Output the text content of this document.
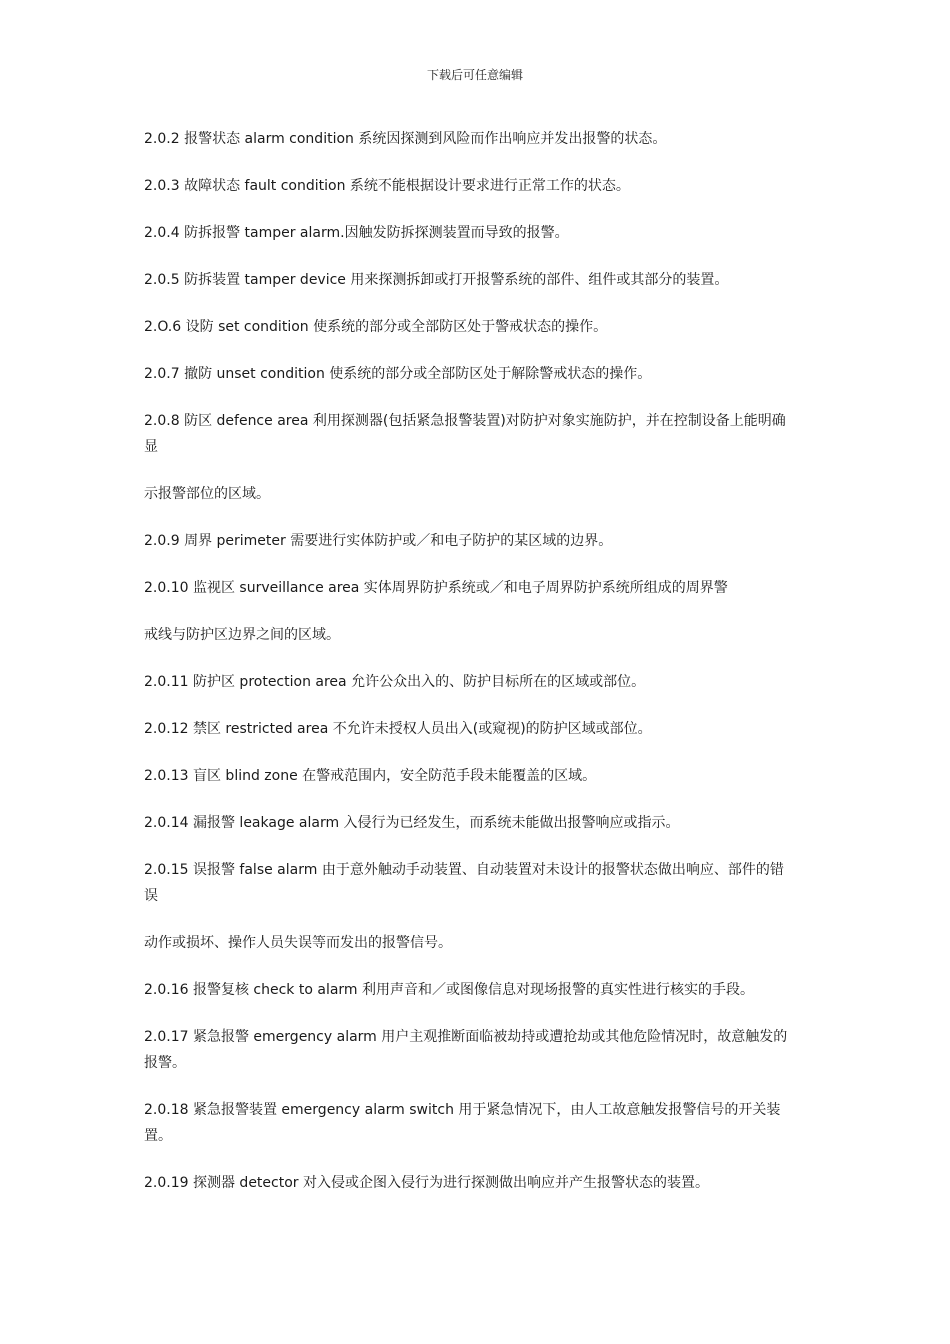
下载后可任意编辑

2.0.2 报警状态 alarm condition 系统因探测到风险而作出响应并发出报警的状态。

2.0.3 故障状态 fault condition 系统不能根据设计要求进行正常工作的状态。

2.0.4 防拆报警 tamper alarm.因触发防拆探测装置而导致的报警。

2.0.5 防拆装置 tamper device 用来探测拆卸或打开报警系统的部件、组件或其部分的装置。

2.O.6 设防 set condition 使系统的部分或全部防区处于警戒状态的操作。

2.0.7 撤防 unset condition 使系统的部分或全部防区处于解除警戒状态的操作。

2.0.8 防区 defence area 利用探测器(包括紧急报警装置)对防护对象实施防护，并在控制设备上能明确
显

示报警部位的区域。

2.0.9 周界 perimeter 需要进行实体防护或／和电子防护的某区域的边界。

2.0.10 监视区 surveillance area 实体周界防护系统或／和电子周界防护系统所组成的周界警

戒线与防护区边界之间的区域。

2.0.11 防护区 protection area 允许公众出入的、防护目标所在的区域或部位。

2.0.12 禁区 restricted area 不允许未授权人员出入(或窥视)的防护区域或部位。

2.0.13 盲区 blind zone 在警戒范围内，安全防范手段未能覆盖的区域。

2.0.14 漏报警 leakage alarm 入侵行为已经发生，而系统未能做出报警响应或指示。

2.0.15 误报警 false alarm 由于意外触动手动装置、自动装置对未设计的报警状态做出响应、部件的错
误

动作或损坏、操作人员失误等而发出的报警信号。

2.0.16 报警复核 check to alarm 利用声音和／或图像信息对现场报警的真实性进行核实的手段。

2.0.17 紧急报警 emergency alarm 用户主观推断面临被劫持或遭抢劫或其他危险情况时，故意触发的
报警。

2.0.18 紧急报警装置 emergency alarm switch 用于紧急情况下，由人工故意触发报警信号的开关装
置。

2.0.19 探测器 detector 对入侵或企图入侵行为进行探测做出响应并产生报警状态的装置。
